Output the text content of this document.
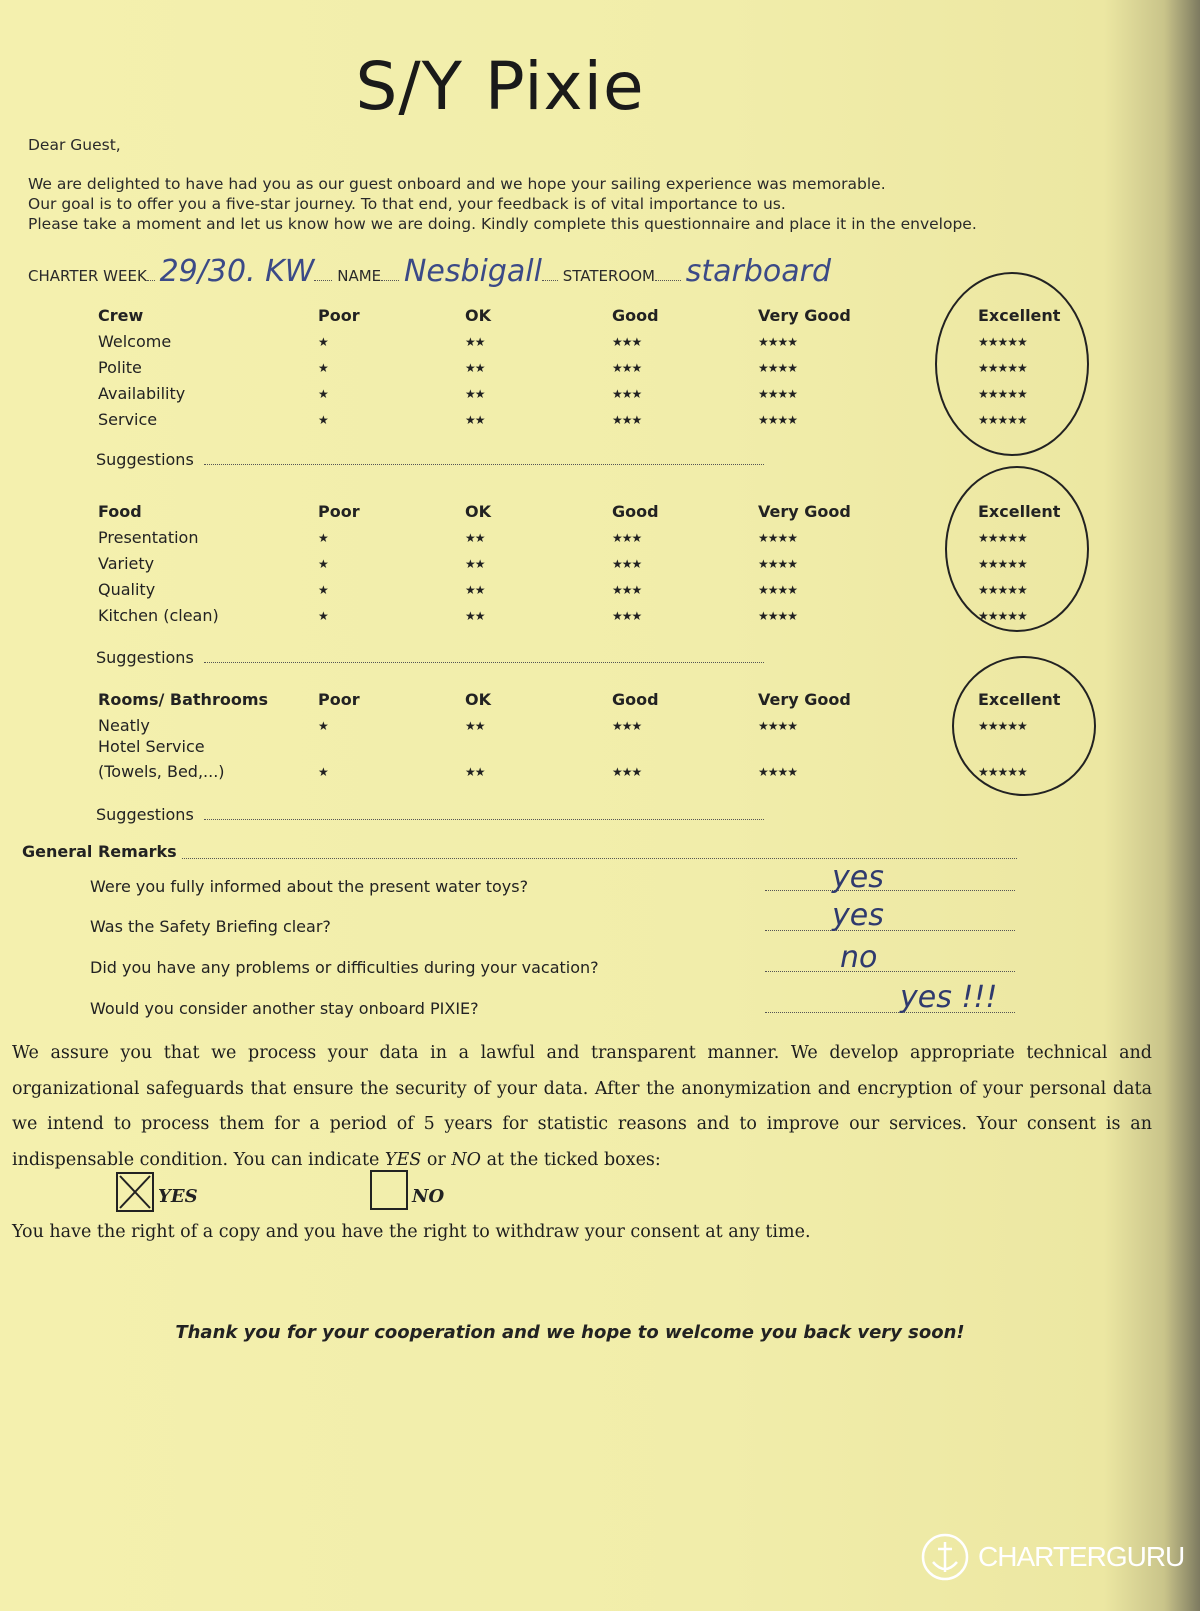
S/Y Pixie
Dear Guest,
We are delighted to have had you as our guest onboard and we hope your sailing experience was memorable.
Our goal is to offer you a five-star journey. To that end, your feedback is of vital importance to us.
Please take a moment and let us know how we are doing. Kindly complete this questionnaire and place it in the envelope.
CHARTER WEEK 29/30. KW NAME Nesbigall STATEROOM starboard
Crew	Poor	OK	Good	Very Good	Excellent
Welcome	★	★★	★★★	★★★★	★★★★★
Polite	★	★★	★★★	★★★★	★★★★★
Availability	★	★★	★★★	★★★★	★★★★★
Service	★	★★	★★★	★★★★	★★★★★
Suggestions
Food	Poor	OK	Good	Very Good	Excellent
Presentation	★	★★	★★★	★★★★	★★★★★
Variety	★	★★	★★★	★★★★	★★★★★
Quality	★	★★	★★★	★★★★	★★★★★
Kitchen (clean)	★	★★	★★★	★★★★	★★★★★
Suggestions
Rooms/ Bathrooms	Poor	OK	Good	Very Good	Excellent
Neatly	★	★★	★★★	★★★★	★★★★★
Hotel Service
(Towels, Bed,...)	★	★★	★★★	★★★★	★★★★★
Suggestions
General Remarks
Were you fully informed about the present water toys?	yes
Was the Safety Briefing clear?	yes
Did you have any problems or difficulties during your vacation?	no
Would you consider another stay onboard PIXIE?	yes !!!
We assure you that we process your data in a lawful and transparent manner. We develop appropriate technical and organizational safeguards that ensure the security of your data. After the anonymization and encryption of your personal data we intend to process them for a period of 5 years for statistic reasons and to improve our services. Your consent is an indispensable condition. You can indicate YES or NO at the ticked boxes:
YES	NO
You have the right of a copy and you have the right to withdraw your consent at any time.
Thank you for your cooperation and we hope to welcome you back very soon!
CHARTERGURU
